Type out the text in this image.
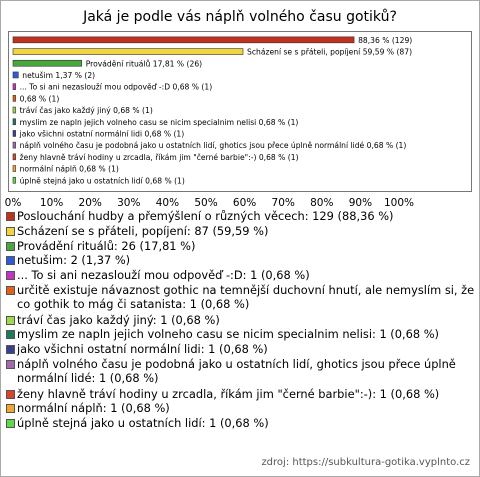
Jaká je podle vás náplň volného času gotiků?
88,36 % (129)
Scházení se s přáteli, popíjení 59,59 % (87)
Provádění rituálů 17,81 % (26)
netušim 1,37 % (2)
... To si ani nezaslouží mou odpověď -:D 0,68 % (1)
0,68 % (1)
tráví čas jako každý jiný 0,68 % (1)
myslim ze napln jejich volneho casu se nicim specialnim nelisi 0,68 % (1)
jako všichni ostatní normální lidi 0,68 % (1)
náplň volného času je podobná jako u ostatních lidí, ghotics jsou přece úplně normální lidé 0,68 % (1)
ženy hlavně tráví hodiny u zrcadla, říkám jim "černé barbie":-) 0,68 % (1)
normální náplň 0,68 % (1)
úplně stejná jako u ostatních lidí 0,68 % (1)
0% 10% 20% 30% 40% 50% 60% 70% 80% 90% 100%
Poslouchání hudby a přemýšlení o různých věcech: 129 (88,36 %)
Scházení se s přáteli, popíjení: 87 (59,59 %)
Provádění rituálů: 26 (17,81 %)
netušim: 2 (1,37 %)
... To si ani nezaslouží mou odpověď -:D: 1 (0,68 %)
určitě existuje návaznost gothic na temnější duchovní hnutí, ale nemyslím si, že co gothik to mág či satanista: 1 (0,68 %)
tráví čas jako každý jiný: 1 (0,68 %)
myslim ze napln jejich volneho casu se nicim specialnim nelisi: 1 (0,68 %)
jako všichni ostatní normální lidi: 1 (0,68 %)
náplň volného času je podobná jako u ostatních lidí, ghotics jsou přece úplně normální lidé: 1 (0,68 %)
ženy hlavně tráví hodiny u zrcadla, říkám jim "černé barbie":-): 1 (0,68 %)
normální náplň: 1 (0,68 %)
úplně stejná jako u ostatních lidí: 1 (0,68 %)
zdroj: https://subkultura-gotika.vyplnto.cz
